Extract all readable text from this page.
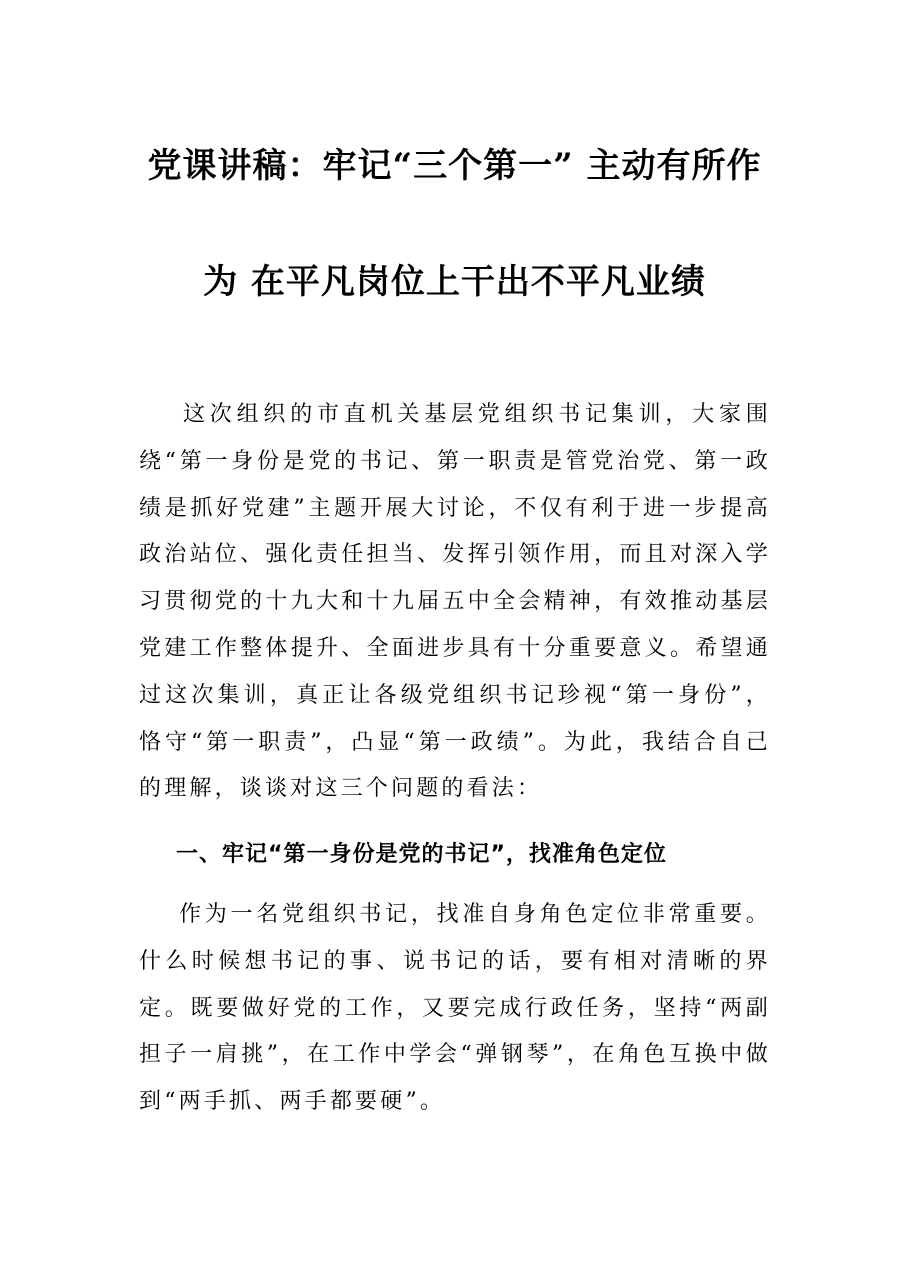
党课讲稿：牢记“三个第一” 主动有所作
为 在平凡岗位上干出不平凡业绩

这次组织的市直机关基层党组织书记集训，大家围绕“第一身份是党的书记、第一职责是管党治党、第一政绩是抓好党建”主题开展大讨论，不仅有利于进一步提高政治站位、强化责任担当、发挥引领作用，而且对深入学习贯彻党的十九大和十九届五中全会精神，有效推动基层党建工作整体提升、全面进步具有十分重要意义。希望通过这次集训，真正让各级党组织书记珍视“第一身份”，恪守“第一职责”，凸显“第一政绩”。为此，我结合自己的理解，谈谈对这三个问题的看法：

一、牢记“第一身份是党的书记”，找准角色定位

作为一名党组织书记，找准自身角色定位非常重要。什么时候想书记的事、说书记的话，要有相对清晰的界定。既要做好党的工作，又要完成行政任务，坚持“两副担子一肩挑”，在工作中学会“弹钢琴”，在角色互换中做到“两手抓、两手都要硬”。
